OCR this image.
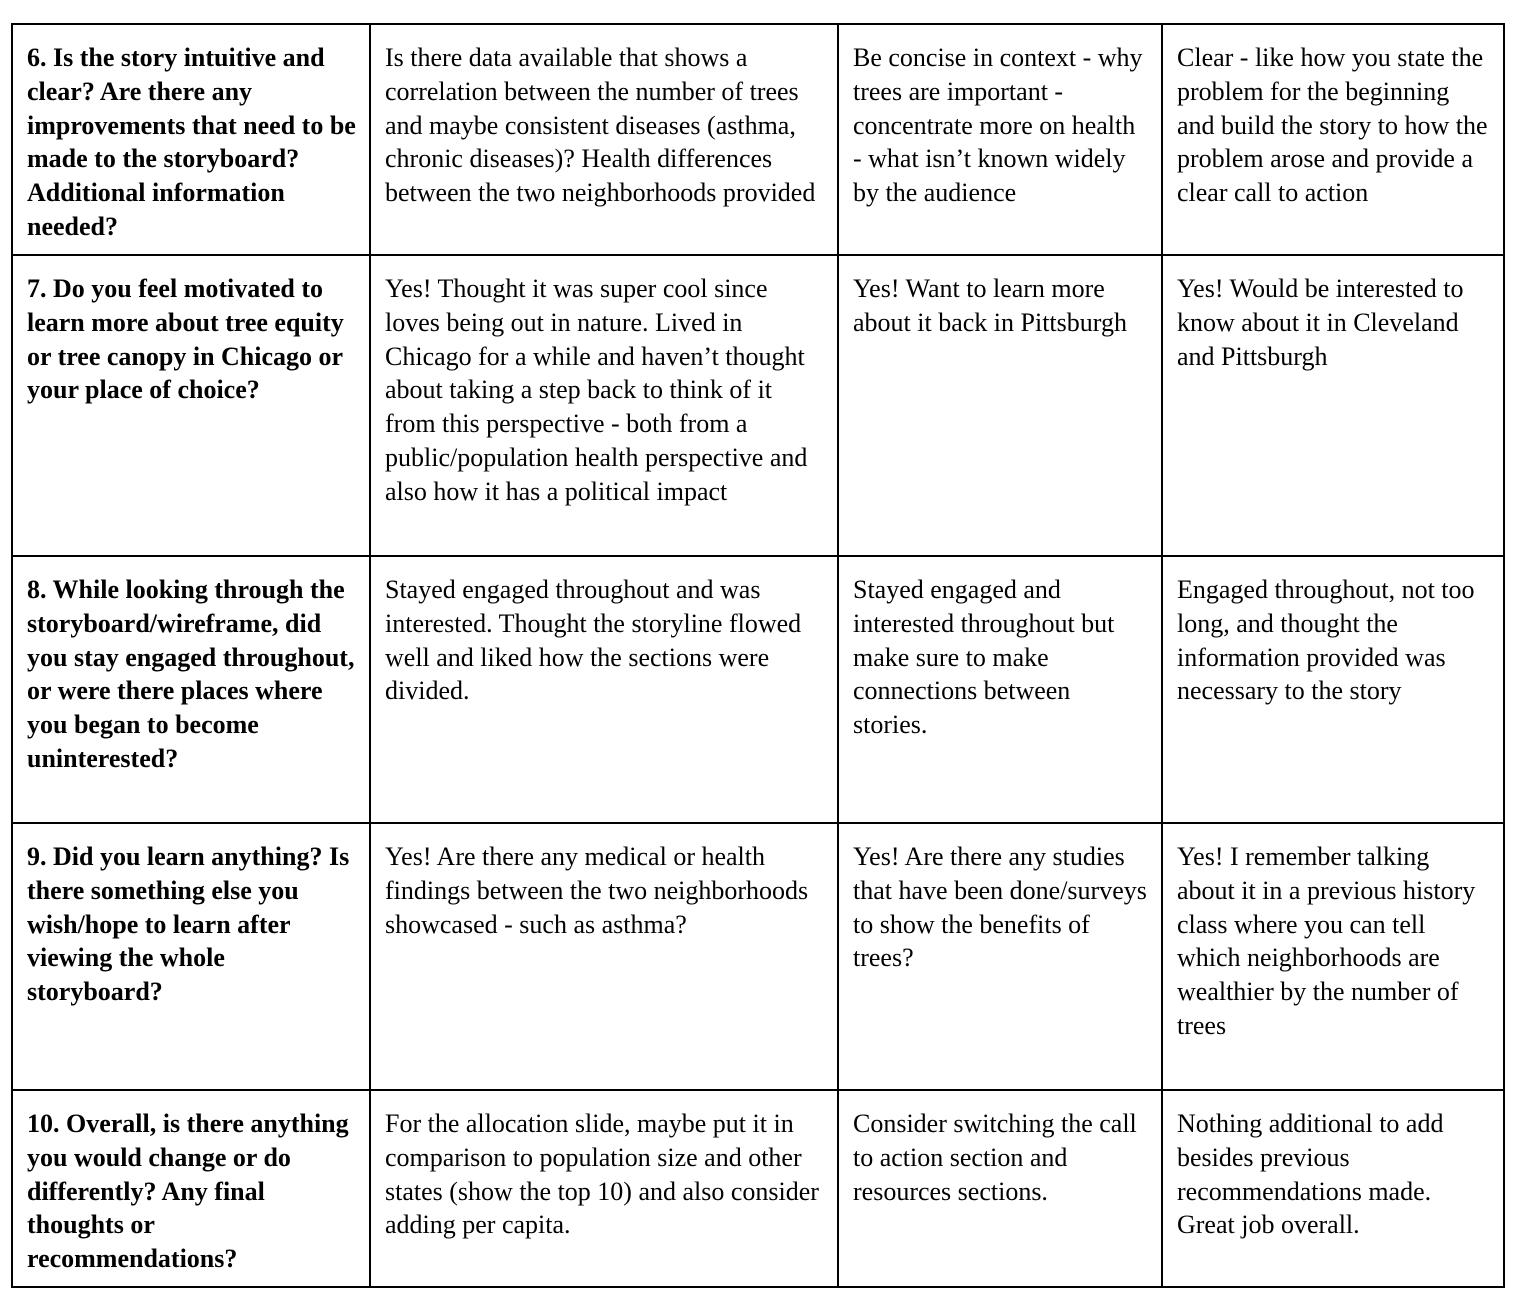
6. Is the story intuitive and clear? Are there any improvements that need to be made to the storyboard? Additional information needed?	Is there data available that shows a correlation between the number of trees and maybe consistent diseases (asthma, chronic diseases)? Health differences between the two neighborhoods provided	Be concise in context - why trees are important - concentrate more on health - what isn’t known widely by the audience	Clear - like how you state the problem for the beginning and build the story to how the problem arose and provide a clear call to action
7. Do you feel motivated to learn more about tree equity or tree canopy in Chicago or your place of choice?	Yes! Thought it was super cool since loves being out in nature. Lived in Chicago for a while and haven’t thought about taking a step back to think of it from this perspective - both from a public/population health perspective and also how it has a political impact	Yes! Want to learn more about it back in Pittsburgh	Yes! Would be interested to know about it in Cleveland and Pittsburgh
8. While looking through the storyboard/wireframe, did you stay engaged throughout, or were there places where you began to become uninterested?	Stayed engaged throughout and was interested. Thought the storyline flowed well and liked how the sections were divided.	Stayed engaged and interested throughout but make sure to make connections between stories.	Engaged throughout, not too long, and thought the information provided was necessary to the story
9. Did you learn anything? Is there something else you wish/hope to learn after viewing the whole storyboard?	Yes! Are there any medical or health findings between the two neighborhoods showcased - such as asthma?	Yes! Are there any studies that have been done/surveys to show the benefits of trees?	Yes! I remember talking about it in a previous history class where you can tell which neighborhoods are wealthier by the number of trees
10. Overall, is there anything you would change or do differently? Any final thoughts or recommendations?	For the allocation slide, maybe put it in comparison to population size and other states (show the top 10) and also consider adding per capita.	Consider switching the call to action section and resources sections.	Nothing additional to add besides previous recommendations made. Great job overall.
